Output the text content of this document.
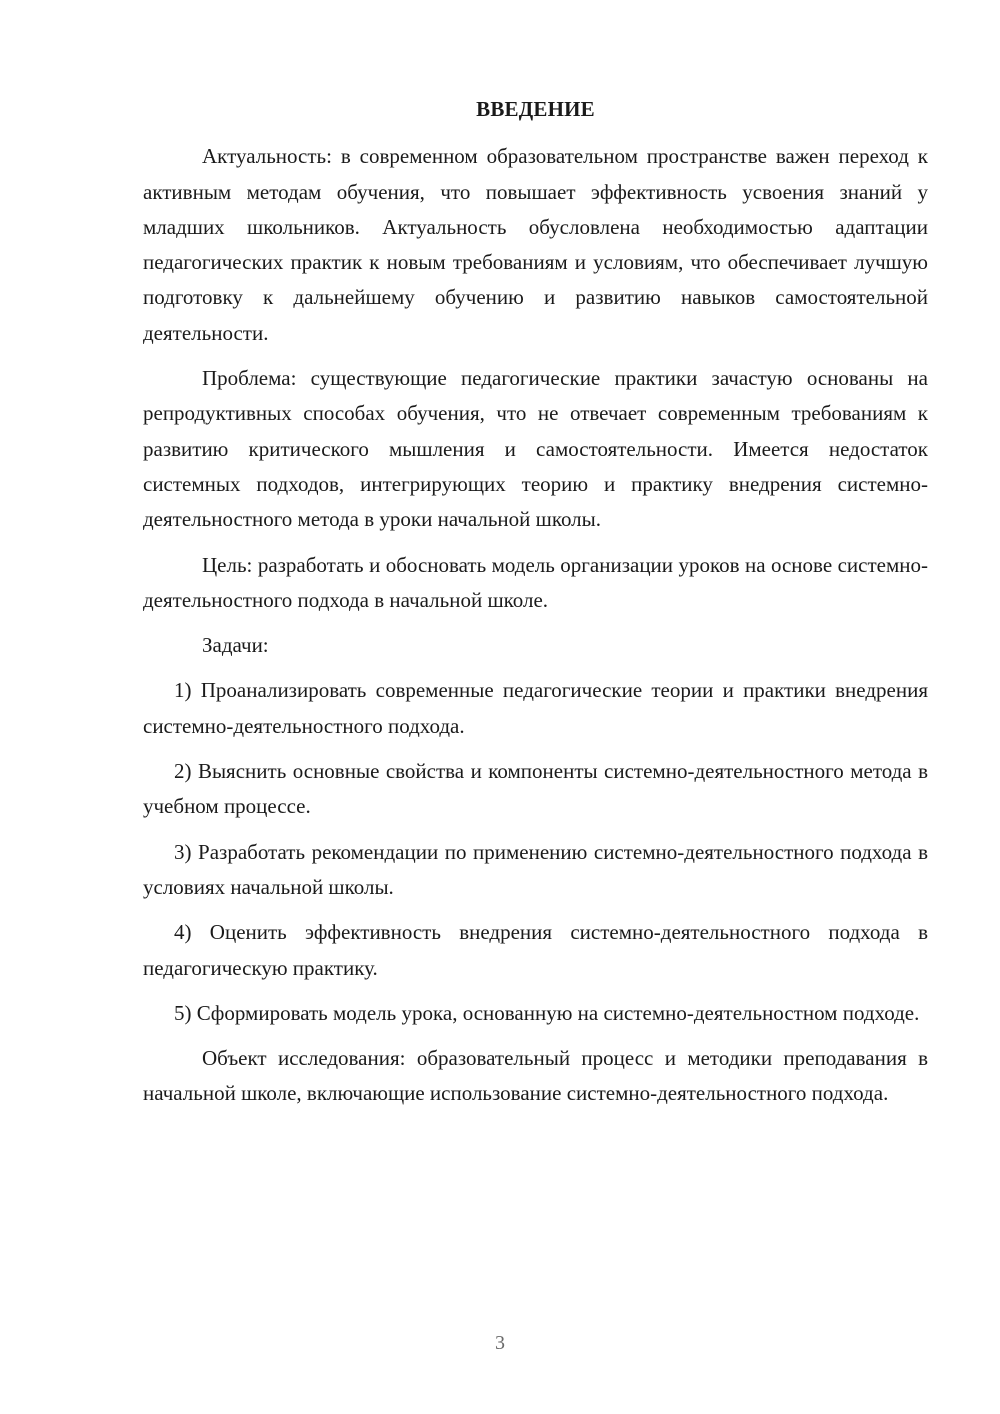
ВВЕДЕНИЕ

Актуальность: в современном образовательном пространстве важен переход к активным методам обучения, что повышает эффективность усвоения знаний у младших школьников. Актуальность обусловлена необходимостью адаптации педагогических практик к новым требованиям и условиям, что обеспечивает лучшую подготовку к дальнейшему обучению и развитию навыков самостоятельной деятельности.

Проблема: существующие педагогические практики зачастую основаны на репродуктивных способах обучения, что не отвечает современным требованиям к развитию критического мышления и самостоятельности. Имеется недостаток системных подходов, интегрирующих теорию и практику внедрения системно-деятельностного метода в уроки начальной школы.

Цель: разработать и обосновать модель организации уроков на основе системно-деятельностного подхода в начальной школе.

Задачи:

1) Проанализировать современные педагогические теории и практики внедрения системно-деятельностного подхода.

2) Выяснить основные свойства и компоненты системно-деятельностного метода в учебном процессе.

3) Разработать рекомендации по применению системно-деятельностного подхода в условиях начальной школы.

4) Оценить эффективность внедрения системно-деятельностного подхода в педагогическую практику.

5) Сформировать модель урока, основанную на системно-деятельностном подходе.

Объект исследования: образовательный процесс и методики преподавания в начальной школе, включающие использование системно-деятельностного подхода.

3
